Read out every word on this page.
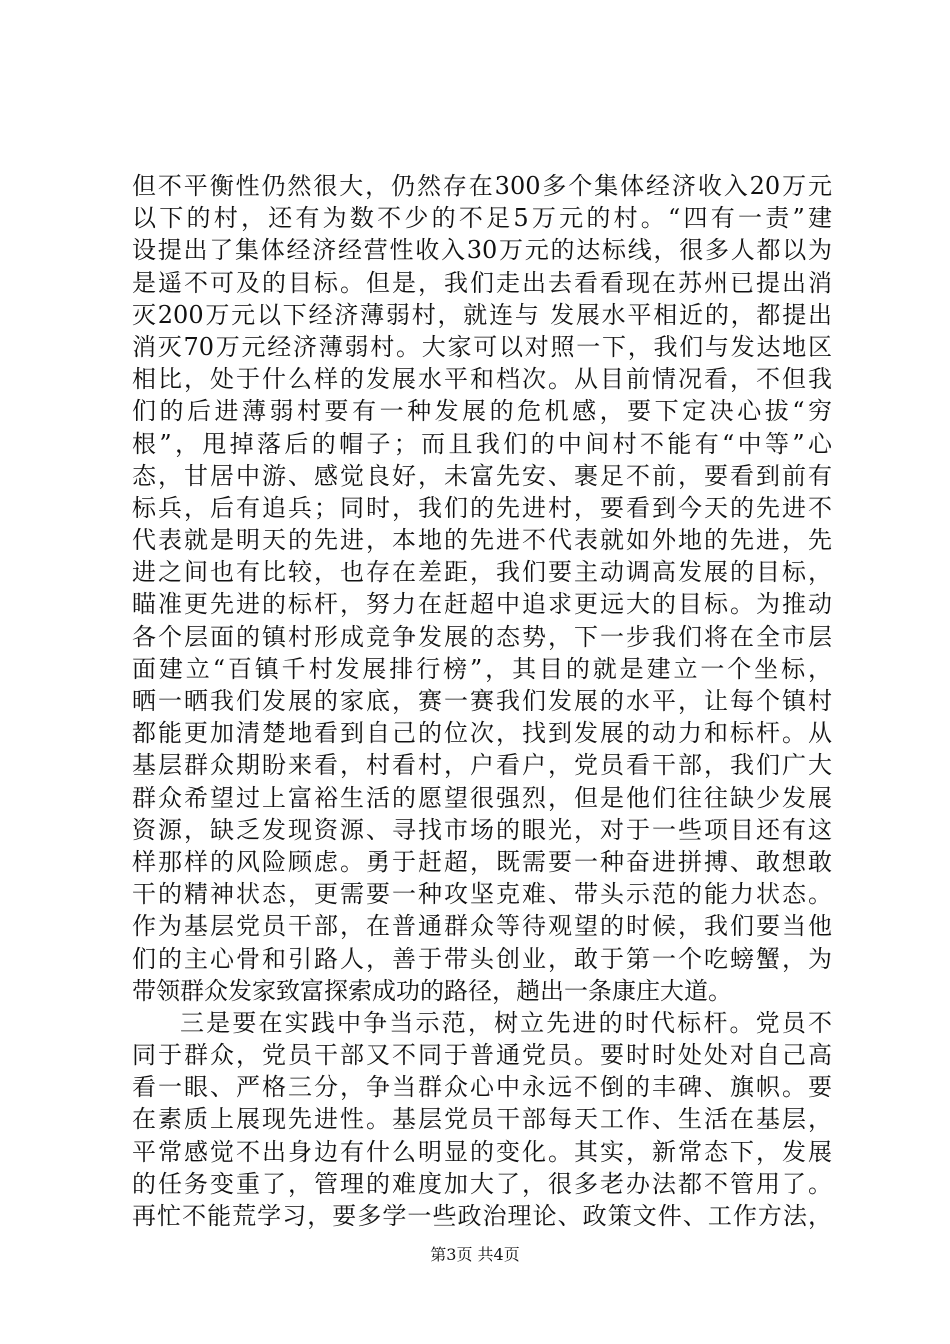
但不平衡性仍然很大，仍然存在300多个集体经济收入20万元
以下的村，还有为数不少的不足5万元的村。“四有一责”建
设提出了集体经济经营性收入30万元的达标线，很多人都以为
是遥不可及的目标。但是，我们走出去看看现在苏州已提出消
灭200万元以下经济薄弱村，就连与 发展水平相近的，都提出
消灭70万元经济薄弱村。大家可以对照一下，我们与发达地区
相比，处于什么样的发展水平和档次。从目前情况看，不但我
们的后进薄弱村要有一种发展的危机感，要下定决心拔“穷
根”，甩掉落后的帽子；而且我们的中间村不能有“中等”心
态，甘居中游、感觉良好，未富先安、裹足不前，要看到前有
标兵，后有追兵；同时，我们的先进村，要看到今天的先进不
代表就是明天的先进，本地的先进不代表就如外地的先进，先
进之间也有比较，也存在差距，我们要主动调高发展的目标，
瞄准更先进的标杆，努力在赶超中追求更远大的目标。为推动
各个层面的镇村形成竞争发展的态势，下一步我们将在全市层
面建立“百镇千村发展排行榜”，其目的就是建立一个坐标，
晒一晒我们发展的家底，赛一赛我们发展的水平，让每个镇村
都能更加清楚地看到自己的位次，找到发展的动力和标杆。从
基层群众期盼来看，村看村，户看户，党员看干部，我们广大
群众希望过上富裕生活的愿望很强烈，但是他们往往缺少发展
资源，缺乏发现资源、寻找市场的眼光，对于一些项目还有这
样那样的风险顾虑。勇于赶超，既需要一种奋进拼搏、敢想敢
干的精神状态，更需要一种攻坚克难、带头示范的能力状态。
作为基层党员干部，在普通群众等待观望的时候，我们要当他
们的主心骨和引路人，善于带头创业，敢于第一个吃螃蟹，为
带领群众发家致富探索成功的路径，趟出一条康庄大道。
三是要在实践中争当示范，树立先进的时代标杆。党员不
同于群众，党员干部又不同于普通党员。要时时处处对自己高
看一眼、严格三分，争当群众心中永远不倒的丰碑、旗帜。要
在素质上展现先进性。基层党员干部每天工作、生活在基层，
平常感觉不出身边有什么明显的变化。其实，新常态下，发展
的任务变重了，管理的难度加大了，很多老办法都不管用了。
再忙不能荒学习，要多学一些政治理论、政策文件、工作方法，
第3页 共4页
